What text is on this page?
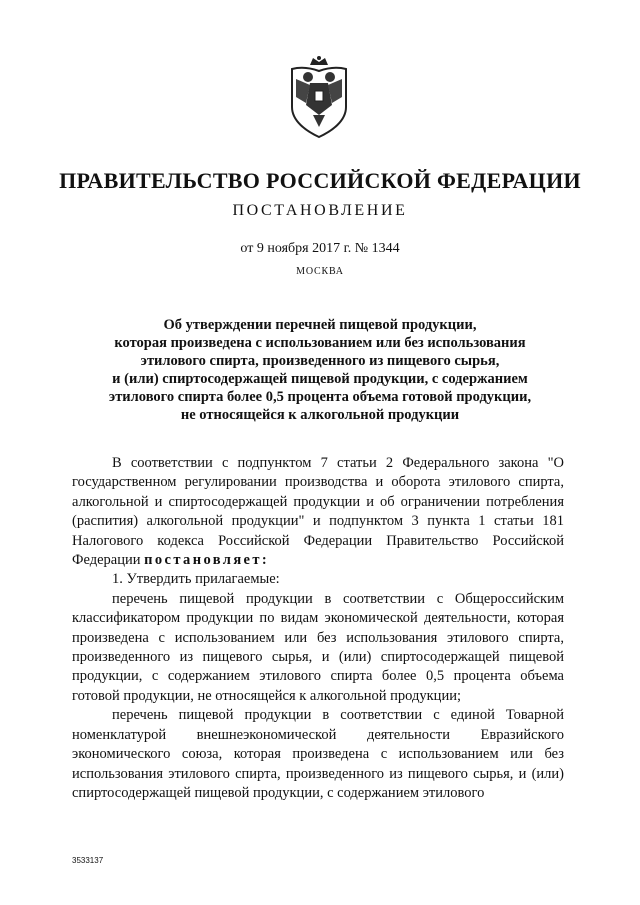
ПРАВИТЕЛЬСТВО РОССИЙСКОЙ ФЕДЕРАЦИИ
ПОСТАНОВЛЕНИЕ
от 9 ноября 2017 г. № 1344
МОСКВА
Об утверждении перечней пищевой продукции,
которая произведена с использованием или без использования
этилового спирта, произведенного из пищевого сырья,
и (или) спиртосодержащей пищевой продукции, с содержанием
этилового спирта более 0,5 процента объема готовой продукции,
не относящейся к алкогольной продукции

В соответствии с подпунктом 7 статьи 2 Федерального закона "О государственном регулировании производства и оборота этилового спирта, алкогольной и спиртосодержащей продукции и об ограничении потребления (распития) алкогольной продукции" и подпунктом 3 пункта 1 статьи 181 Налогового кодекса Российской Федерации Правительство Российской Федерации постановляет:

1. Утвердить прилагаемые:

перечень пищевой продукции в соответствии с Общероссийским классификатором продукции по видам экономической деятельности, которая произведена с использованием или без использования этилового спирта, произведенного из пищевого сырья, и (или) спиртосодержащей пищевой продукции, с содержанием этилового спирта более 0,5 процента объема готовой продукции, не относящейся к алкогольной продукции;

перечень пищевой продукции в соответствии с единой Товарной номенклатурой внешнеэкономической деятельности Евразийского экономического союза, которая произведена с использованием или без использования этилового спирта, произведенного из пищевого сырья, и (или) спиртосодержащей пищевой продукции, с содержанием этилового

3533137
